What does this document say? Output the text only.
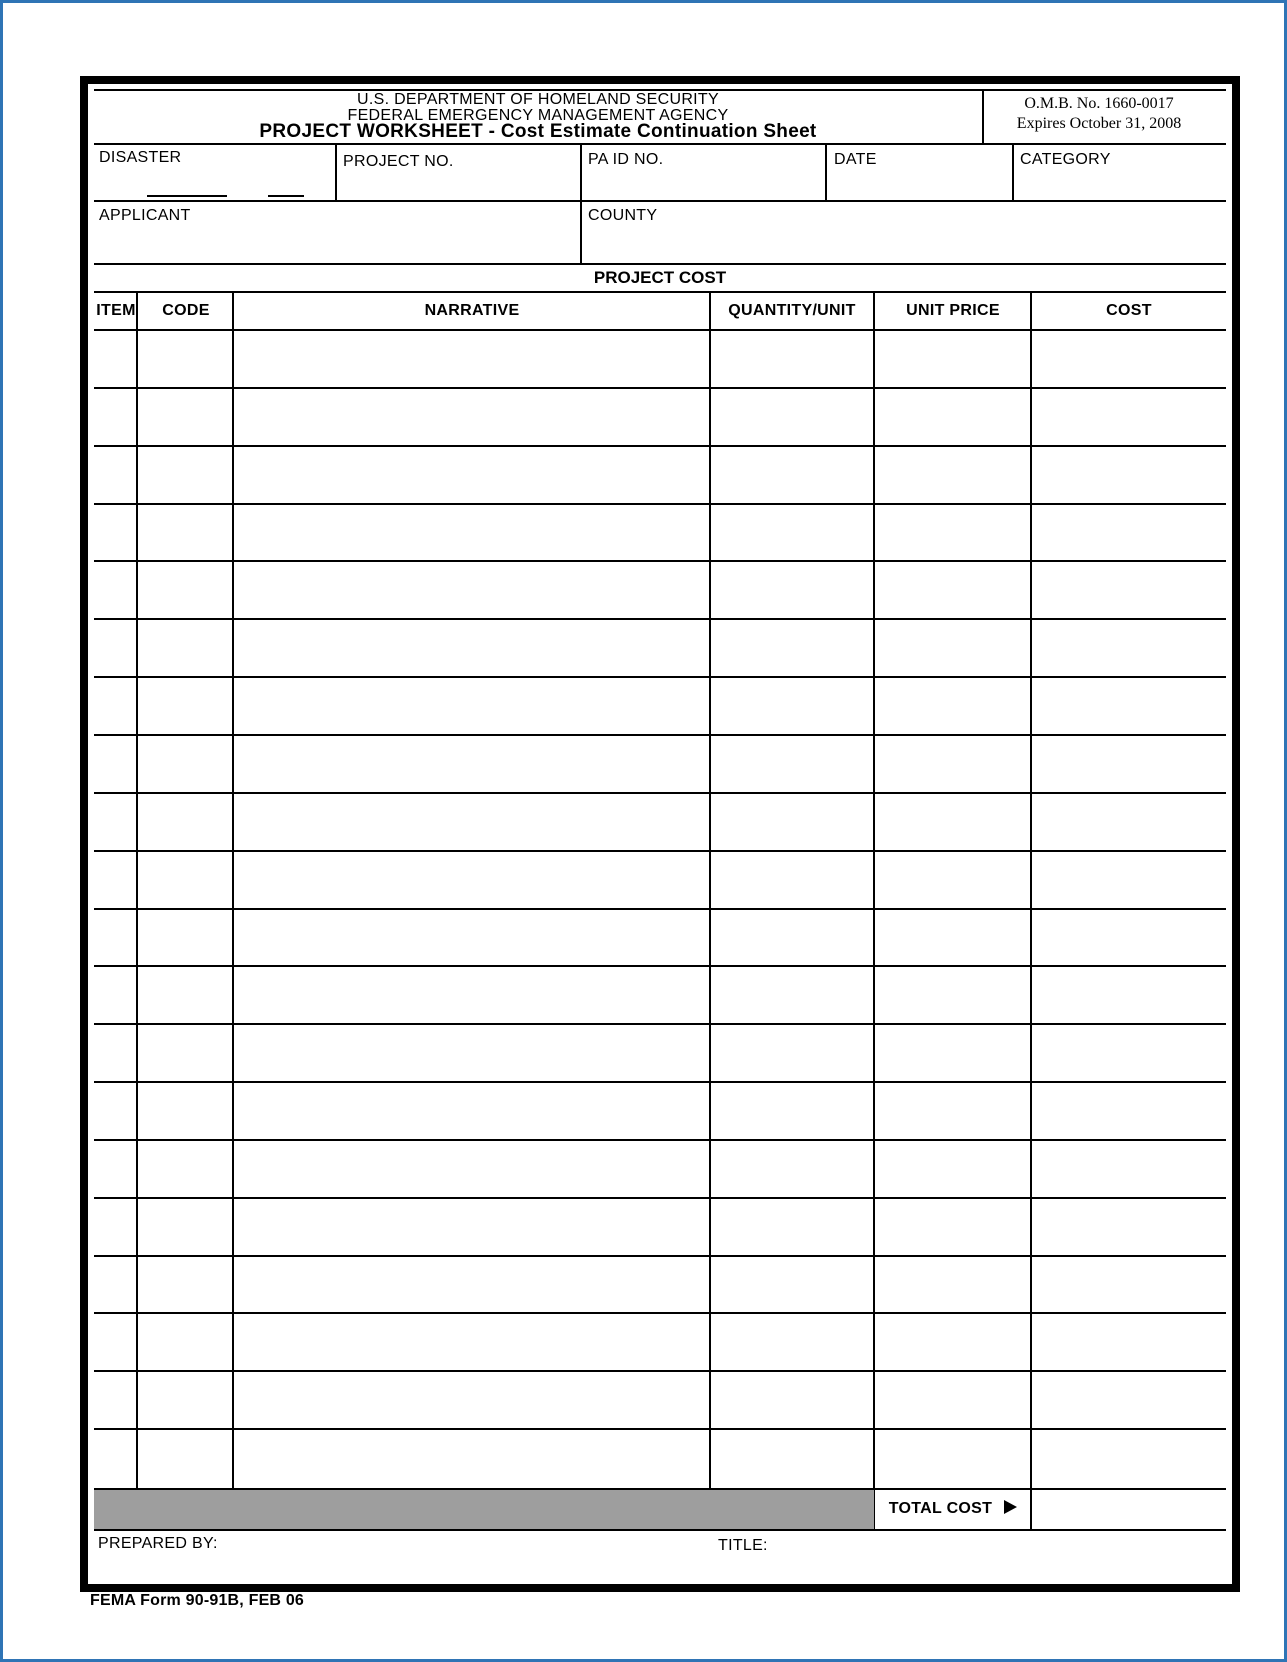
U.S. DEPARTMENT OF HOMELAND SECURITY
FEDERAL EMERGENCY MANAGEMENT AGENCY
PROJECT WORKSHEET - Cost Estimate Continuation Sheet
O.M.B. No. 1660-0017
Expires October 31, 2008
DISASTER	PROJECT NO.	PA ID NO.	DATE	CATEGORY
APPLICANT	COUNTY
PROJECT COST
ITEM	CODE	NARRATIVE	QUANTITY/UNIT	UNIT PRICE	COST
TOTAL COST
PREPARED BY:	TITLE:
FEMA Form 90-91B, FEB 06
